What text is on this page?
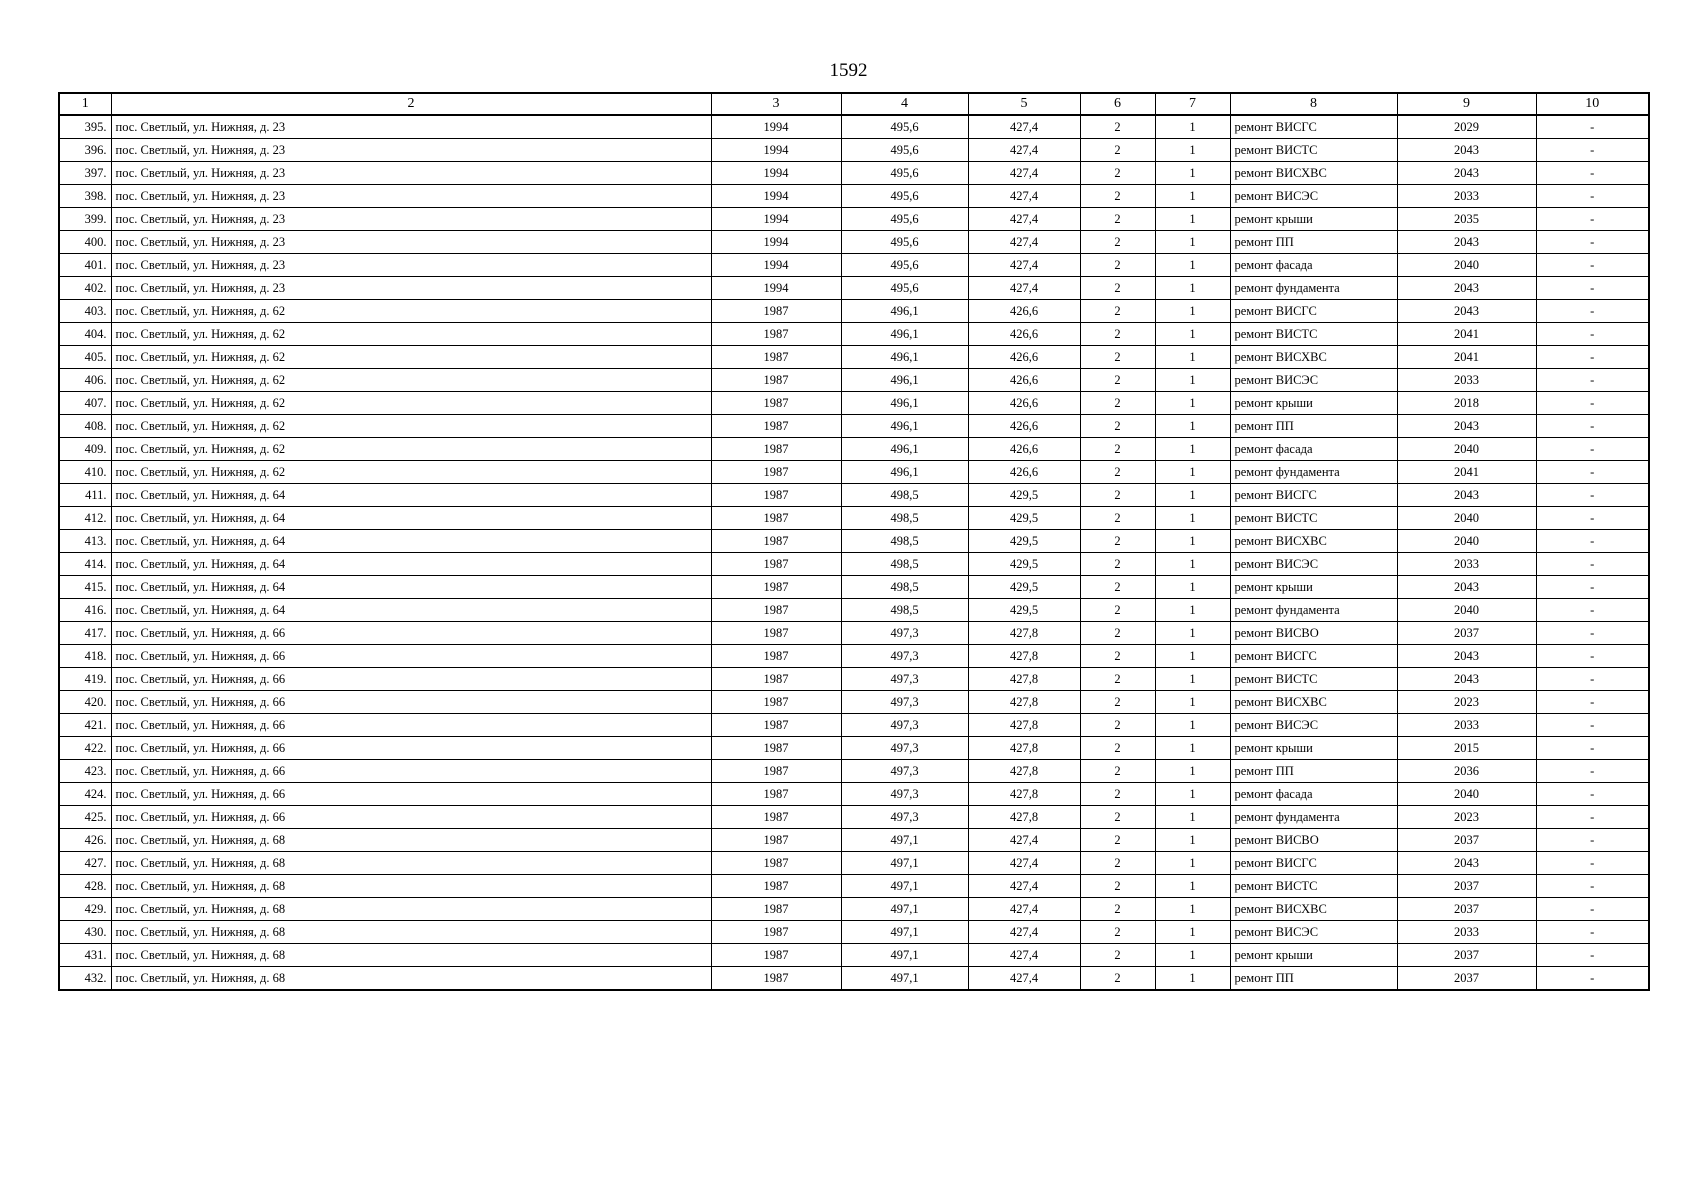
1592
1	2	3	4	5	6	7	8	9	10
395.	пос. Светлый, ул. Нижняя, д. 23	1994	495,6	427,4	2	1	ремонт ВИСГС	2029	-
396.	пос. Светлый, ул. Нижняя, д. 23	1994	495,6	427,4	2	1	ремонт ВИСТС	2043	-
397.	пос. Светлый, ул. Нижняя, д. 23	1994	495,6	427,4	2	1	ремонт ВИСХВС	2043	-
398.	пос. Светлый, ул. Нижняя, д. 23	1994	495,6	427,4	2	1	ремонт ВИСЭС	2033	-
399.	пос. Светлый, ул. Нижняя, д. 23	1994	495,6	427,4	2	1	ремонт крыши	2035	-
400.	пос. Светлый, ул. Нижняя, д. 23	1994	495,6	427,4	2	1	ремонт ПП	2043	-
401.	пос. Светлый, ул. Нижняя, д. 23	1994	495,6	427,4	2	1	ремонт фасада	2040	-
402.	пос. Светлый, ул. Нижняя, д. 23	1994	495,6	427,4	2	1	ремонт фундамента	2043	-
403.	пос. Светлый, ул. Нижняя, д. 62	1987	496,1	426,6	2	1	ремонт ВИСГС	2043	-
404.	пос. Светлый, ул. Нижняя, д. 62	1987	496,1	426,6	2	1	ремонт ВИСТС	2041	-
405.	пос. Светлый, ул. Нижняя, д. 62	1987	496,1	426,6	2	1	ремонт ВИСХВС	2041	-
406.	пос. Светлый, ул. Нижняя, д. 62	1987	496,1	426,6	2	1	ремонт ВИСЭС	2033	-
407.	пос. Светлый, ул. Нижняя, д. 62	1987	496,1	426,6	2	1	ремонт крыши	2018	-
408.	пос. Светлый, ул. Нижняя, д. 62	1987	496,1	426,6	2	1	ремонт ПП	2043	-
409.	пос. Светлый, ул. Нижняя, д. 62	1987	496,1	426,6	2	1	ремонт фасада	2040	-
410.	пос. Светлый, ул. Нижняя, д. 62	1987	496,1	426,6	2	1	ремонт фундамента	2041	-
411.	пос. Светлый, ул. Нижняя, д. 64	1987	498,5	429,5	2	1	ремонт ВИСГС	2043	-
412.	пос. Светлый, ул. Нижняя, д. 64	1987	498,5	429,5	2	1	ремонт ВИСТС	2040	-
413.	пос. Светлый, ул. Нижняя, д. 64	1987	498,5	429,5	2	1	ремонт ВИСХВС	2040	-
414.	пос. Светлый, ул. Нижняя, д. 64	1987	498,5	429,5	2	1	ремонт ВИСЭС	2033	-
415.	пос. Светлый, ул. Нижняя, д. 64	1987	498,5	429,5	2	1	ремонт крыши	2043	-
416.	пос. Светлый, ул. Нижняя, д. 64	1987	498,5	429,5	2	1	ремонт фундамента	2040	-
417.	пос. Светлый, ул. Нижняя, д. 66	1987	497,3	427,8	2	1	ремонт ВИСВО	2037	-
418.	пос. Светлый, ул. Нижняя, д. 66	1987	497,3	427,8	2	1	ремонт ВИСГС	2043	-
419.	пос. Светлый, ул. Нижняя, д. 66	1987	497,3	427,8	2	1	ремонт ВИСТС	2043	-
420.	пос. Светлый, ул. Нижняя, д. 66	1987	497,3	427,8	2	1	ремонт ВИСХВС	2023	-
421.	пос. Светлый, ул. Нижняя, д. 66	1987	497,3	427,8	2	1	ремонт ВИСЭС	2033	-
422.	пос. Светлый, ул. Нижняя, д. 66	1987	497,3	427,8	2	1	ремонт крыши	2015	-
423.	пос. Светлый, ул. Нижняя, д. 66	1987	497,3	427,8	2	1	ремонт ПП	2036	-
424.	пос. Светлый, ул. Нижняя, д. 66	1987	497,3	427,8	2	1	ремонт фасада	2040	-
425.	пос. Светлый, ул. Нижняя, д. 66	1987	497,3	427,8	2	1	ремонт фундамента	2023	-
426.	пос. Светлый, ул. Нижняя, д. 68	1987	497,1	427,4	2	1	ремонт ВИСВО	2037	-
427.	пос. Светлый, ул. Нижняя, д. 68	1987	497,1	427,4	2	1	ремонт ВИСГС	2043	-
428.	пос. Светлый, ул. Нижняя, д. 68	1987	497,1	427,4	2	1	ремонт ВИСТС	2037	-
429.	пос. Светлый, ул. Нижняя, д. 68	1987	497,1	427,4	2	1	ремонт ВИСХВС	2037	-
430.	пос. Светлый, ул. Нижняя, д. 68	1987	497,1	427,4	2	1	ремонт ВИСЭС	2033	-
431.	пос. Светлый, ул. Нижняя, д. 68	1987	497,1	427,4	2	1	ремонт крыши	2037	-
432.	пос. Светлый, ул. Нижняя, д. 68	1987	497,1	427,4	2	1	ремонт ПП	2037	-
